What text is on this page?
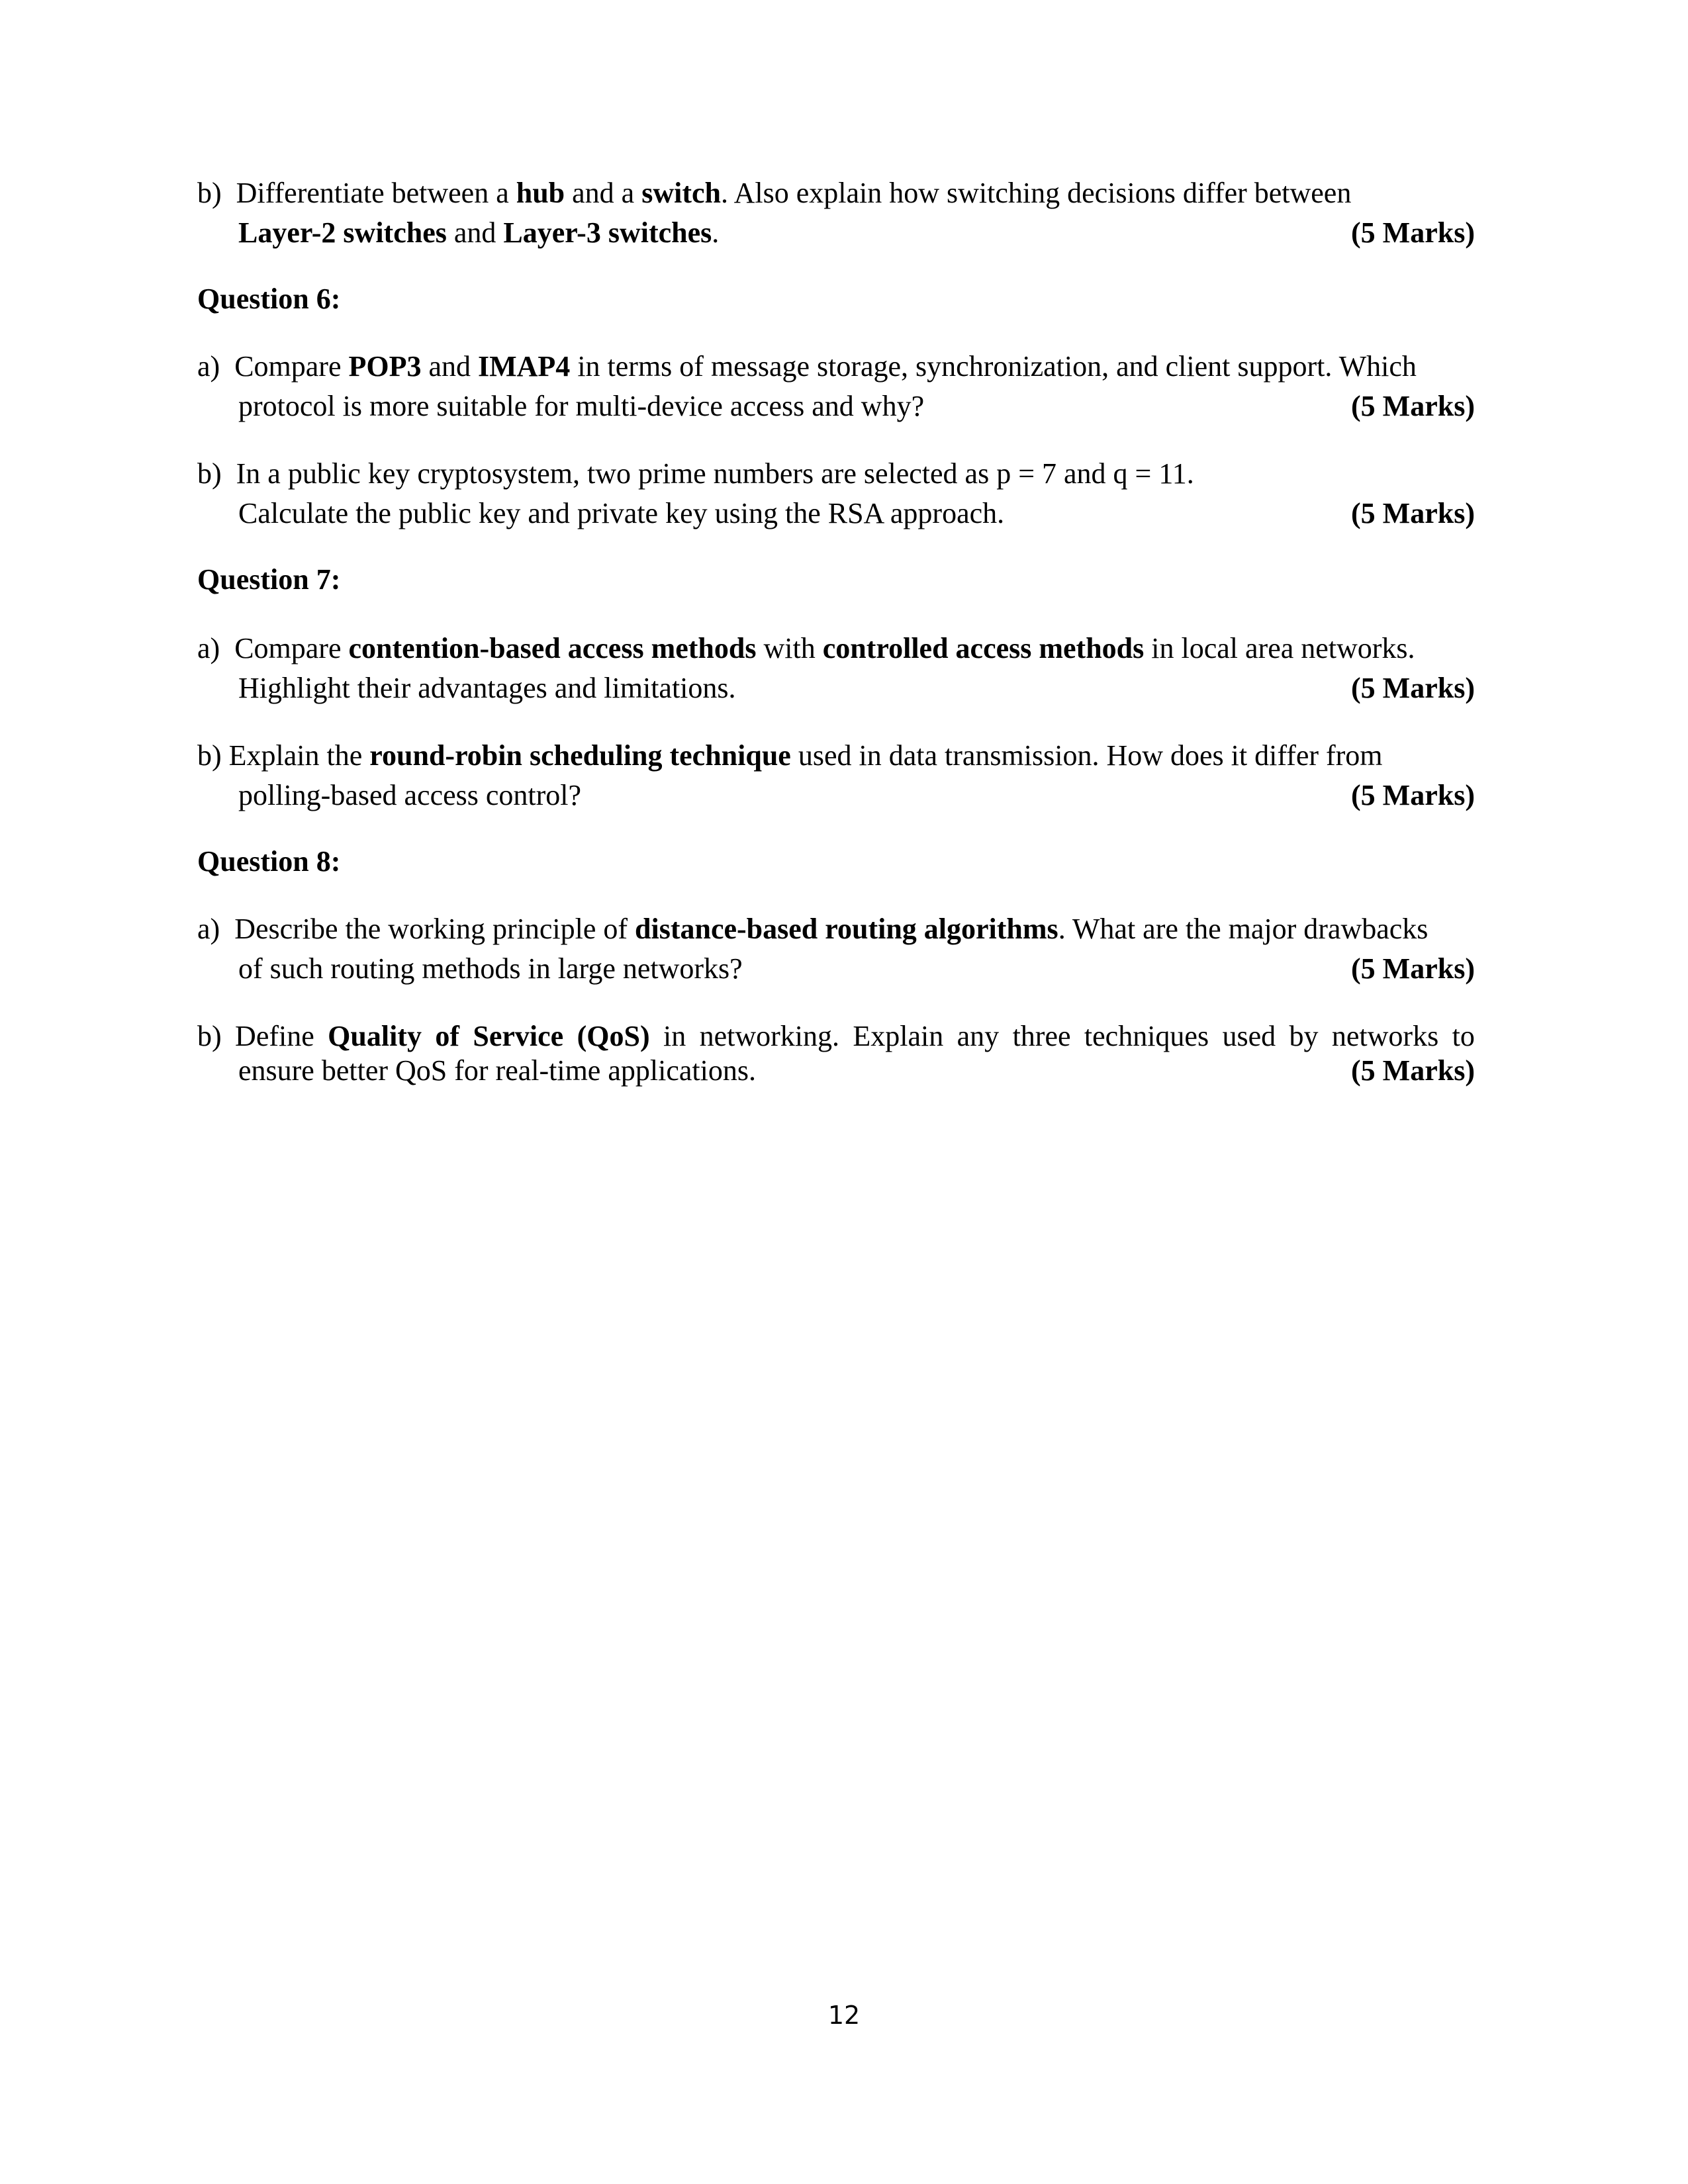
b) Differentiate between a hub and a switch. Also explain how switching decisions differ between
Layer-2 switches and Layer-3 switches.	(5 Marks)
Question 6:
a) Compare POP3 and IMAP4 in terms of message storage, synchronization, and client support. Which
protocol is more suitable for multi-device access and why?	(5 Marks)
b) In a public key cryptosystem, two prime numbers are selected as p = 7 and q = 11.
Calculate the public key and private key using the RSA approach.	(5 Marks)
Question 7:
a) Compare contention-based access methods with controlled access methods in local area networks.
Highlight their advantages and limitations.	(5 Marks)
b) Explain the round-robin scheduling technique used in data transmission. How does it differ from
polling-based access control?	(5 Marks)
Question 8:
a) Describe the working principle of distance-based routing algorithms. What are the major drawbacks
of such routing methods in large networks?	(5 Marks)
b) Define Quality of Service (QoS) in networking. Explain any three techniques used by networks to
ensure better QoS for real-time applications.	(5 Marks)
12
